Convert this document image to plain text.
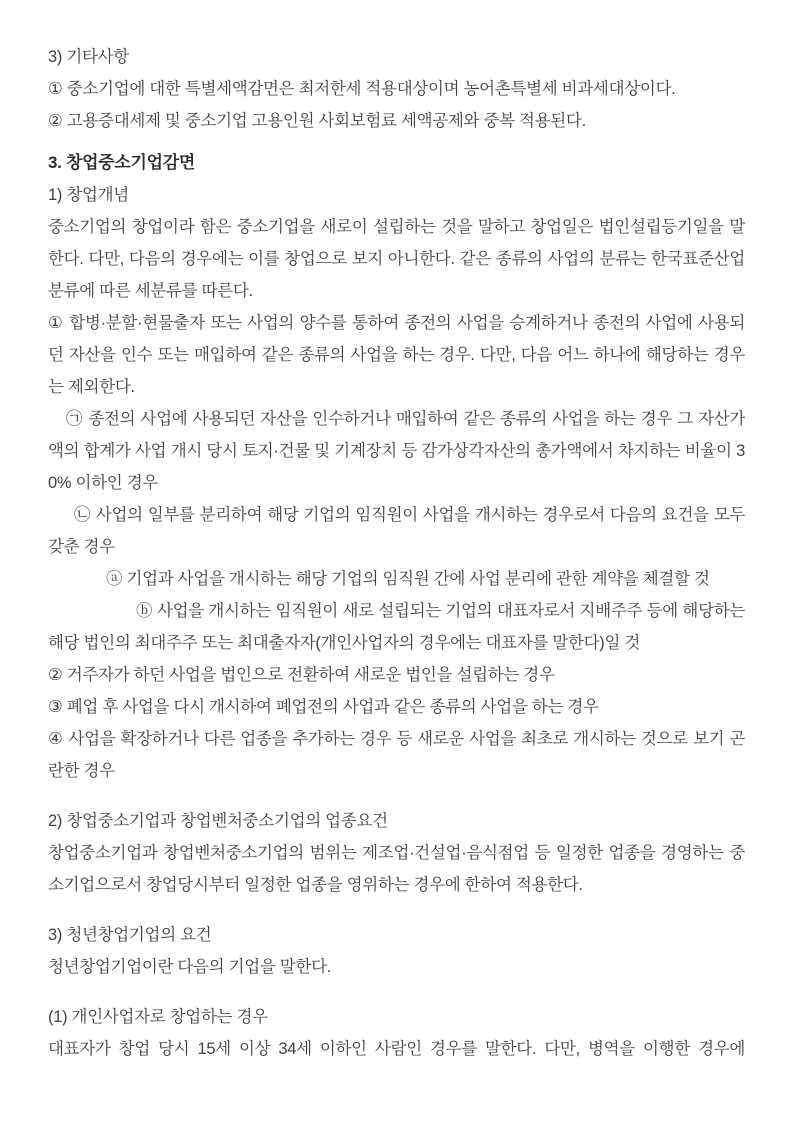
3) 기타사항

① 중소기업에 대한 특별세액감면은 최저한세 적용대상이며 농어촌특별세 비과세대상이다.

② 고용증대세제 및 중소기업 고용인원 사회보험료 세액공제와 중복 적용된다.

3. 창업중소기업감면

1) 창업개념

중소기업의 창업이라 함은 중소기업을 새로이 설립하는 것을 말하고 창업일은 법인설립등기일을 말한다. 다만, 다음의 경우에는 이를 창업으로 보지 아니한다. 같은 종류의 사업의 분류는 한국표준산업분류에 따른 세분류를 따른다.

① 합병·분할·현물출자 또는 사업의 양수를 통하여 종전의 사업을 승계하거나 종전의 사업에 사용되던 자산을 인수 또는 매입하여 같은 종류의 사업을 하는 경우. 다만, 다음 어느 하나에 해당하는 경우는 제외한다.

㉠ 종전의 사업에 사용되던 자산을 인수하거나 매입하여 같은 종류의 사업을 하는 경우 그 자산가액의 합계가 사업 개시 당시 토지·건물 및 기계장치 등 감가상각자산의 총가액에서 차지하는 비율이 30% 이하인 경우

㉡ 사업의 일부를 분리하여 해당 기업의 임직원이 사업을 개시하는 경우로서 다음의 요건을 모두 갖춘 경우

ⓐ 기업과 사업을 개시하는 해당 기업의 임직원 간에 사업 분리에 관한 계약을 체결할 것

ⓑ 사업을 개시하는 임직원이 새로 설립되는 기업의 대표자로서 지배주주 등에 해당하는 해당 법인의 최대주주 또는 최대출자자(개인사업자의 경우에는 대표자를 말한다)일 것

② 거주자가 하던 사업을 법인으로 전환하여 새로운 법인을 설립하는 경우

③ 폐업 후 사업을 다시 개시하여 폐업전의 사업과 같은 종류의 사업을 하는 경우

④ 사업을 확장하거나 다른 업종을 추가하는 경우 등 새로운 사업을 최초로 개시하는 것으로 보기 곤란한 경우

2) 창업중소기업과 창업벤처중소기업의 업종요건

창업중소기업과 창업벤처중소기업의 범위는 제조업·건설업·음식점업 등 일정한 업종을 경영하는 중소기업으로서 창업당시부터 일정한 업종을 영위하는 경우에 한하여 적용한다.

3) 청년창업기업의 요건

청년창업기업이란 다음의 기업을 말한다.

(1) 개인사업자로 창업하는 경우

대표자가 창업 당시 15세 이상 34세 이하인 사람인 경우를 말한다. 다만, 병역을 이행한 경우에
